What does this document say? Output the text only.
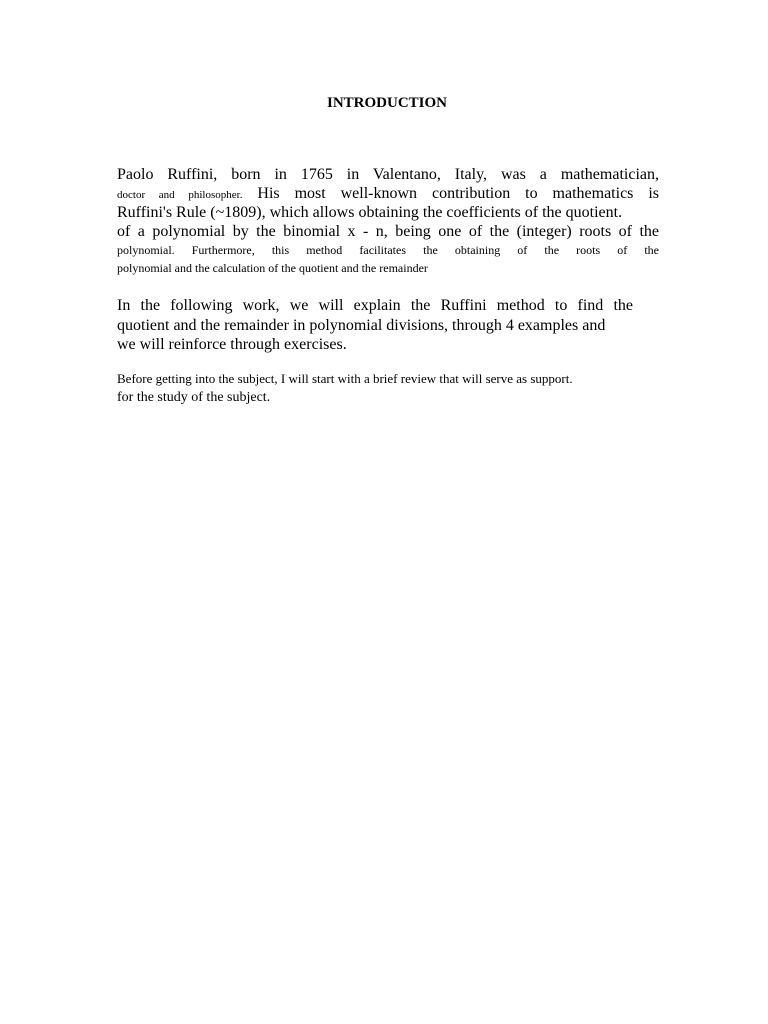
INTRODUCTION
Paolo Ruffini, born in 1765 in Valentano, Italy, was a mathematician,
doctor and philosopher. His most well-known contribution to mathematics is
Ruffini's Rule (~1809), which allows obtaining the coefficients of the quotient.
of a polynomial by the binomial x - n, being one of the (integer) roots of the
polynomial. Furthermore, this method facilitates the obtaining of the roots of the
polynomial and the calculation of the quotient and the remainder
In the following work, we will explain the Ruffini method to find the
quotient and the remainder in polynomial divisions, through 4 examples and
we will reinforce through exercises.
Before getting into the subject, I will start with a brief review that will serve as support.
for the study of the subject.
